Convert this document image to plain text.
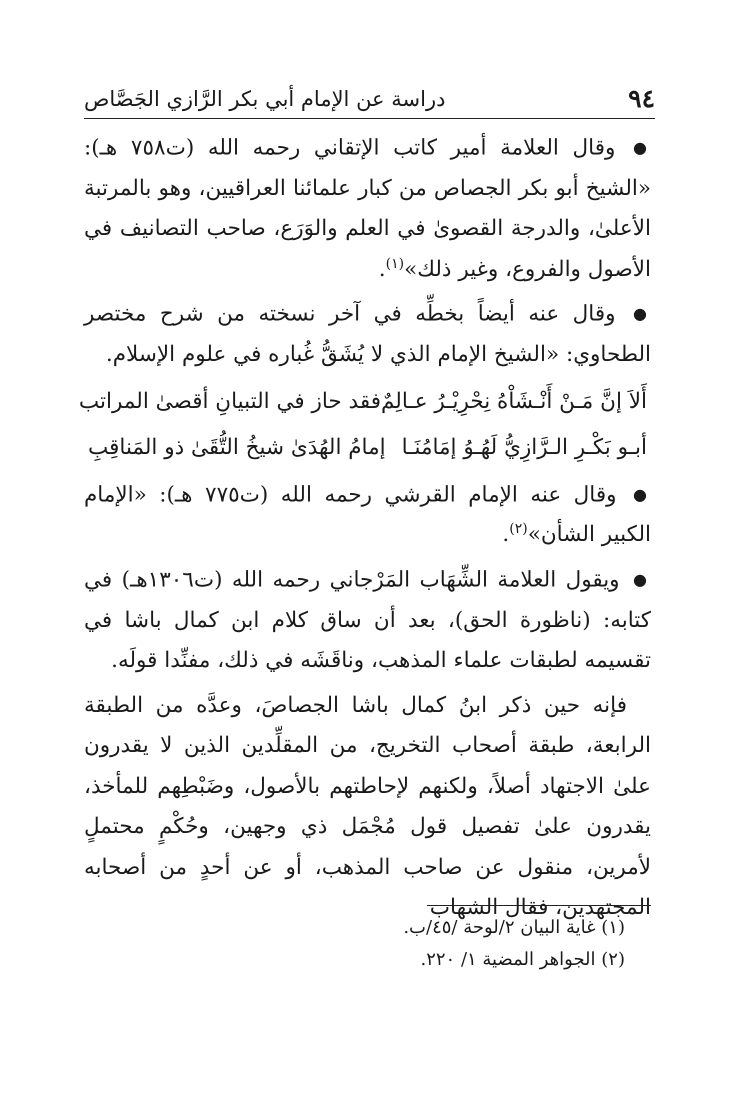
٩٤
دراسة عن الإمام أبي بكر الرَّازي الجَصَّاص

● وقال العلامة أمير كاتب الإتقاني رحمه الله (ت٧٥٨ هـ): «الشيخ أبو بكر الجصاص من كبار علمائنا العراقيين، وهو بالمرتبة الأعلىٰ، والدرجة القصوىٰ في العلم والوَرَع، صاحب التصانيف في الأصول والفروع، وغير ذلك»$^{(١)}$.

● وقال عنه أيضاً بخطِّه في آخر نسخته من شرح مختصر الطحاوي: «الشيخ الإمام الذي لا يُشَقُّ غُباره في علوم الإسلام.

أَلاَ إنَّ مَـنْ أَنْـشَاْهُ نِحْرِيْـرُ عـالِمٌ
فقد حاز في التبيانِ أقصىٰ المراتب
أبـو بَكْـرِ الـرَّازِيُّ لَهُـوُ إمَامُنَـا
إمامُ الهُدَىٰ شيخُ التُّقَىٰ ذو المَناقِبِ

● وقال عنه الإمام القرشي رحمه الله (ت٧٧٥ هـ): «الإمام الكبير الشأن»$^{(٢)}$.

● ويقول العلامة الشِّهَاب المَرْجاني رحمه الله (ت١٣٠٦هـ) في كتابه: (ناظورة الحق)، بعد أن ساق كلام ابن كمال باشا في تقسيمه لطبقات علماء المذهب، وناقَشَه في ذلك، مفنِّدا قولَه.

فإنه حين ذكر ابنُ كمال باشا الجصاصَ، وعدَّه من الطبقة الرابعة، طبقة أصحاب التخريج، من المقلِّدين الذين لا يقدرون علىٰ الاجتهاد أصلاً، ولكنهم لإحاطتهم بالأصول، وضَبْطِهم للمأخذ، يقدرون علىٰ تفصيل قول مُجْمَل ذي وجهين، وحُكْمٍ محتملٍ لأمرين، منقول عن صاحب المذهب، أو عن أحدٍ من أصحابه المجتهدين، فقال الشهاب

(١) غاية البيان ٢/لوحة /٤٥/ب.

(٢) الجواهر المضية ١/ ٢٢٠.
